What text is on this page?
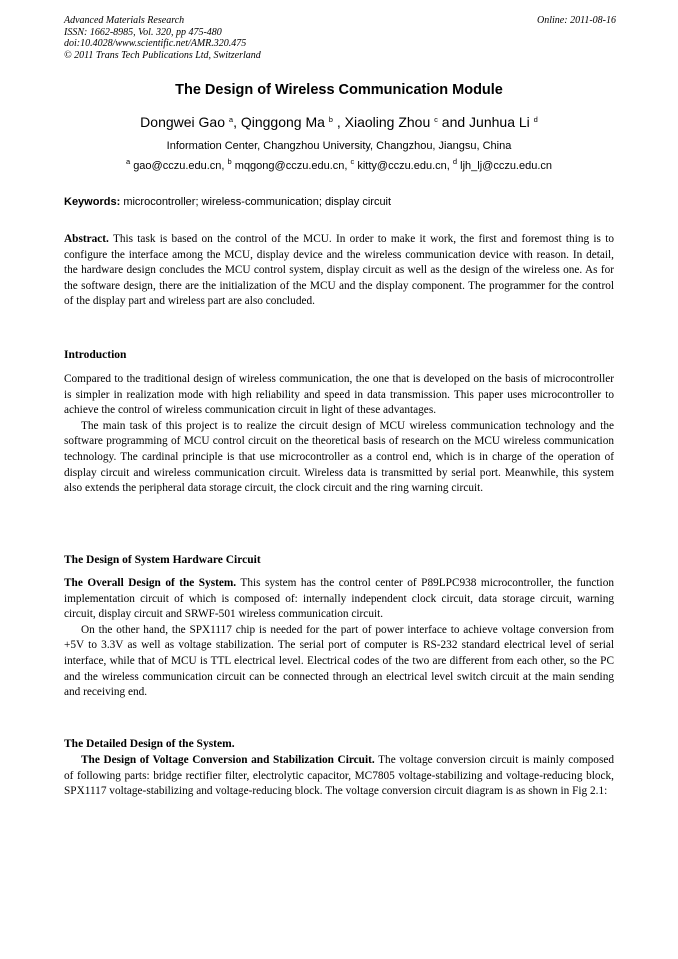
Advanced Materials Research
ISSN: 1662-8985, Vol. 320, pp 475-480
doi:10.4028/www.scientific.net/AMR.320.475
© 2011 Trans Tech Publications Ltd, Switzerland
Online: 2011-08-16
The Design of Wireless Communication Module
Dongwei Gao $^a$, Qinggong Ma $^b$ , Xiaoling Zhou $^c$ and Junhua Li $^d$
Information Center, Changzhou University, Changzhou, Jiangsu, China
$^a$ gao@cczu.edu.cn, $^b$ mqgong@cczu.edu.cn, $^c$ kitty@cczu.edu.cn, $^d$ ljh_lj@cczu.edu.cn
Keywords: microcontroller; wireless-communication; display circuit

Abstract. This task is based on the control of the MCU. In order to make it work, the first and foremost thing is to configure the interface among the MCU, display device and the wireless communication device with reason. In detail, the hardware design concludes the MCU control system, display circuit as well as the design of the wireless one. As for the software design, there are the initialization of the MCU and the display component. The programmer for the control of the display part and wireless part are also concluded.

Introduction

Compared to the traditional design of wireless communication, the one that is developed on the basis of microcontroller is simpler in realization mode with high reliability and speed in data transmission. This paper uses microcontroller to achieve the control of wireless communication circuit in light of these advantages.

The main task of this project is to realize the circuit design of MCU wireless communication technology and the software programming of MCU control circuit on the theoretical basis of research on the MCU wireless communication technology. The cardinal principle is that use microcontroller as a control end, which is in charge of the operation of display circuit and wireless communication circuit. Wireless data is transmitted by serial port. Meanwhile, this system also extends the peripheral data storage circuit, the clock circuit and the ring warning circuit.

The Design of System Hardware Circuit

The Overall Design of the System. This system has the control center of P89LPC938 microcontroller, the function implementation circuit of which is composed of: internally independent clock circuit, data storage circuit, warning circuit, display circuit and SRWF-501 wireless communication circuit.

On the other hand, the SPX1117 chip is needed for the part of power interface to achieve voltage conversion from +5V to 3.3V as well as voltage stabilization. The serial port of computer is RS-232 standard electrical level of serial interface, while that of MCU is TTL electrical level. Electrical codes of the two are different from each other, so the PC and the wireless communication circuit can be connected through an electrical level switch circuit at the main sending and receiving end.

The Detailed Design of the System.

The Design of Voltage Conversion and Stabilization Circuit. The voltage conversion circuit is mainly composed of following parts: bridge rectifier filter, electrolytic capacitor, MC7805 voltage-stabilizing and voltage-reducing block, SPX1117 voltage-stabilizing and voltage-reducing block. The voltage conversion circuit diagram is as shown in Fig 2.1:
